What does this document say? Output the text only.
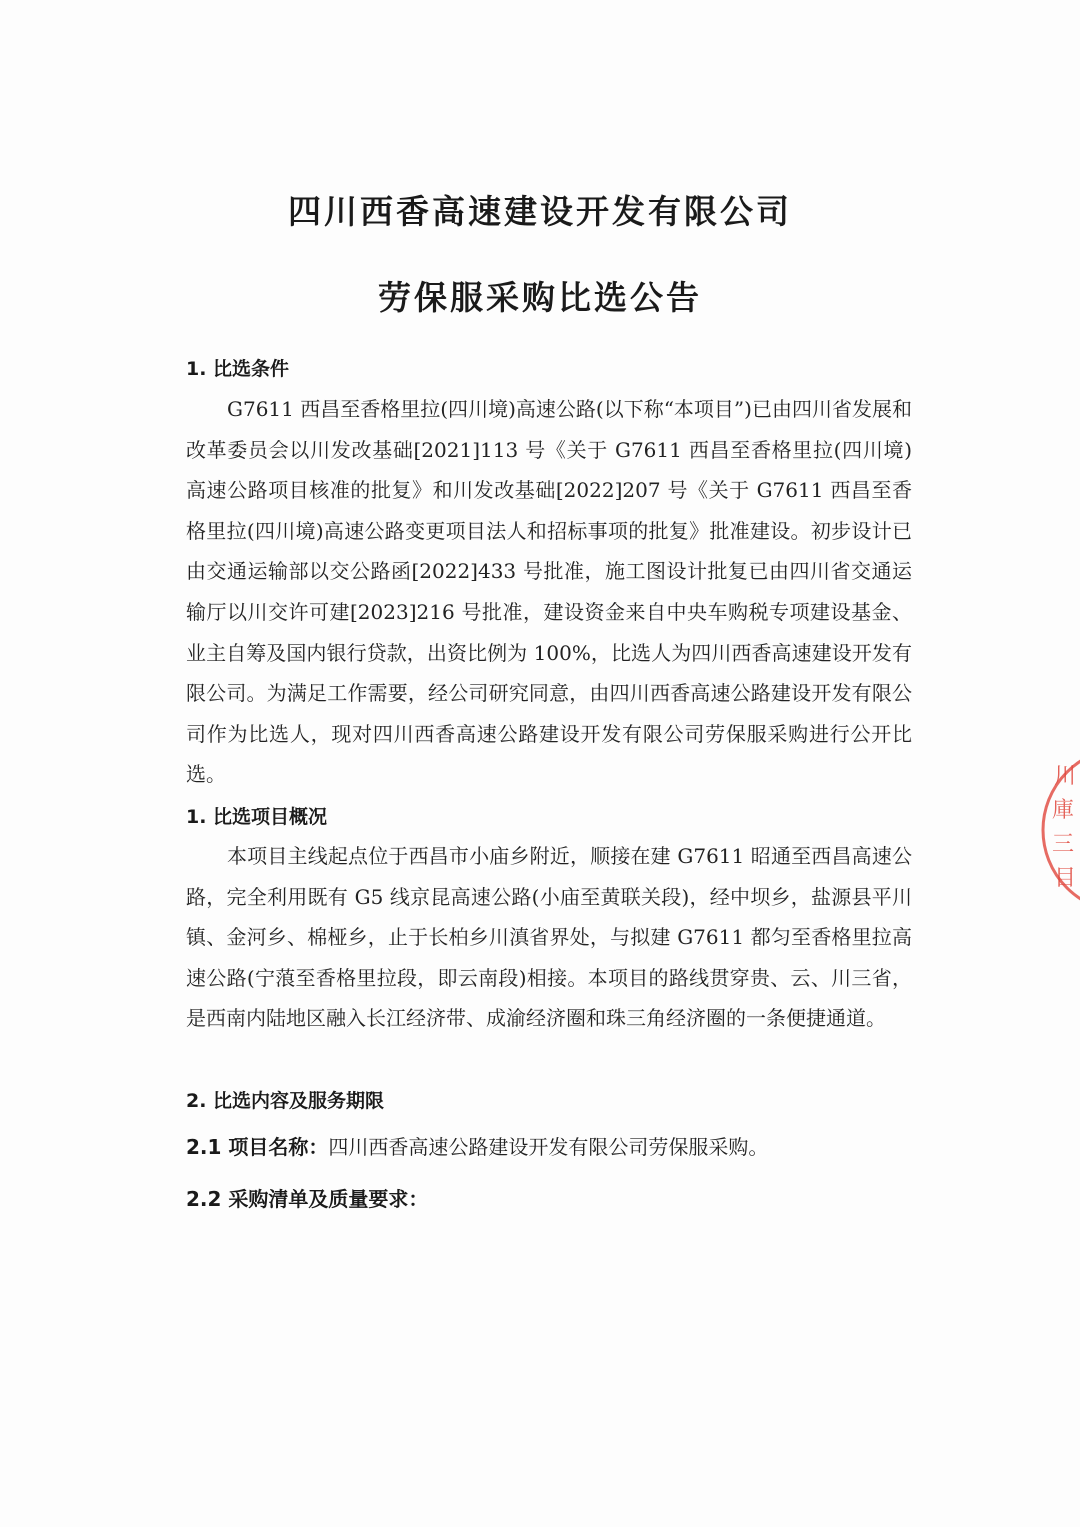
四川西香高速建设开发有限公司
劳保服采购比选公告
1. 比选条件

G7611 西昌至香格里拉(四川境)高速公路(以下称“本项目”)已由四川省发展和改革委员会以川发改基础[2021]113 号《关于 G7611 西昌至香格里拉(四川境)高速公路项目核准的批复》和川发改基础[2022]207 号《关于 G7611 西昌至香格里拉(四川境)高速公路变更项目法人和招标事项的批复》批准建设。初步设计已由交通运输部以交公路函[2022]433 号批准，施工图设计批复已由四川省交通运输厅以川交许可建[2023]216 号批准，建设资金来自中央车购税专项建设基金、业主自筹及国内银行贷款，出资比例为 100%，比选人为四川西香高速建设开发有限公司。为满足工作需要，经公司研究同意，由四川西香高速公路建设开发有限公司作为比选人，现对四川西香高速公路建设开发有限公司劳保服采购进行公开比选。

1. 比选项目概况

本项目主线起点位于西昌市小庙乡附近，顺接在建 G7611 昭通至西昌高速公路，完全利用既有 G5 线京昆高速公路(小庙至黄联关段)，经中坝乡，盐源县平川镇、金河乡、棉桠乡，止于长柏乡川滇省界处，与拟建 G7611 都匀至香格里拉高速公路(宁蒗至香格里拉段，即云南段)相接。本项目的路线贯穿贵、云、川三省，是西南内陆地区融入长江经济带、成渝经济圈和珠三角经济圈的一条便捷通道。

2. 比选内容及服务期限
2.1 项目名称：四川西香高速公路建设开发有限公司劳保服采购。
2.2 采购清单及质量要求：
川
庫
三
目
